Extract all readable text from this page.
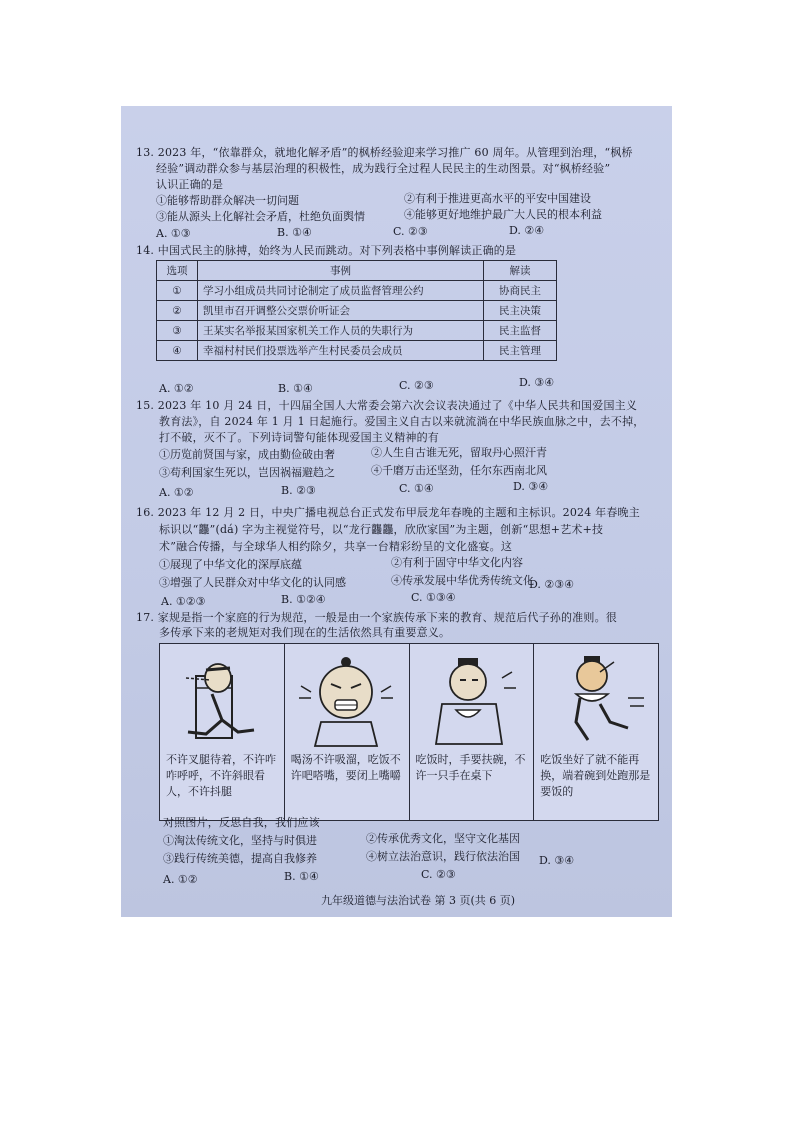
13. 2023 年，“依靠群众，就地化解矛盾”的枫桥经验迎来学习推广 60 周年。从管理到治理，“枫桥
经验”调动群众参与基层治理的积极性，成为践行全过程人民民主的生动图景。对“枫桥经验”
认识正确的是
①能够帮助群众解决一切问题	②有利于推进更高水平的平安中国建设
③能从源头上化解社会矛盾，杜绝负面舆情	④能够更好地维护最广大人民的根本利益
A. ①③	B. ①④	C. ②③	D. ②④
14. 中国式民主的脉搏，始终为人民而跳动。对下列表格中事例解读正确的是
选项	事例	解读
①	学习小组成员共同讨论制定了成员监督管理公约	协商民主
②	凯里市召开调整公交票价听证会	民主决策
③	王某实名举报某国家机关工作人员的失职行为	民主监督
④	幸福村村民们投票选举产生村民委员会成员	民主管理
A. ①②	B. ①④	C. ②③	D. ③④
15. 2023 年 10 月 24 日，十四届全国人大常委会第六次会议表决通过了《中华人民共和国爱国主义
教育法》，自 2024 年 1 月 1 日起施行。爱国主义自古以来就流淌在中华民族血脉之中，去不掉，
打不破，灭不了。下列诗词警句能体现爱国主义精神的有
①历览前贤国与家，成由勤俭破由奢	②人生自古谁无死，留取丹心照汗青
③苟利国家生死以，岂因祸福避趋之	④千磨万击还坚劲，任尔东西南北风
A. ①②	B. ②③	C. ①④	D. ③④
16. 2023 年 12 月 2 日，中央广播电视总台正式发布甲辰龙年春晚的主题和主标识。2024 年春晚主
标识以“龘”(dá) 字为主视觉符号，以“龙行龘龘，欣欣家国”为主题，创新“思想+艺术+技
术”融合传播，与全球华人相约除夕，共享一台精彩纷呈的文化盛宴。这
①展现了中华文化的深厚底蕴	②有利于固守中华文化内容
③增强了人民群众对中华文化的认同感	④传承发展中华优秀传统文化
A. ①②③	B. ①②④	C. ①③④
D. ②③④
17. 家规是指一个家庭的行为规范，一般是由一个家族传承下来的教育、规范后代子孙的准则。很
不许叉腿待着，不许咋咋呼呼，不许斜眼看人，不许抖腿
喝汤不许吸溜，吃饭不许吧嗒嘴，要闭上嘴嚼
吃饭时，手要扶碗，不许一只手在桌下
吃饭坐好了就不能再换，端着碗到处跑那是要饭的
多传承下来的老规矩对我们现在的生活依然具有重要意义。
对照图片，反思自我，我们应该
①淘汰传统文化，坚持与时俱进	②传承优秀文化，坚守文化基因
③践行传统美德，提高自我修养	④树立法治意识，践行依法治国
A. ①②	B. ①④	C. ②③
D. ③④
九年级道德与法治试卷 第 3 页(共 6 页)
